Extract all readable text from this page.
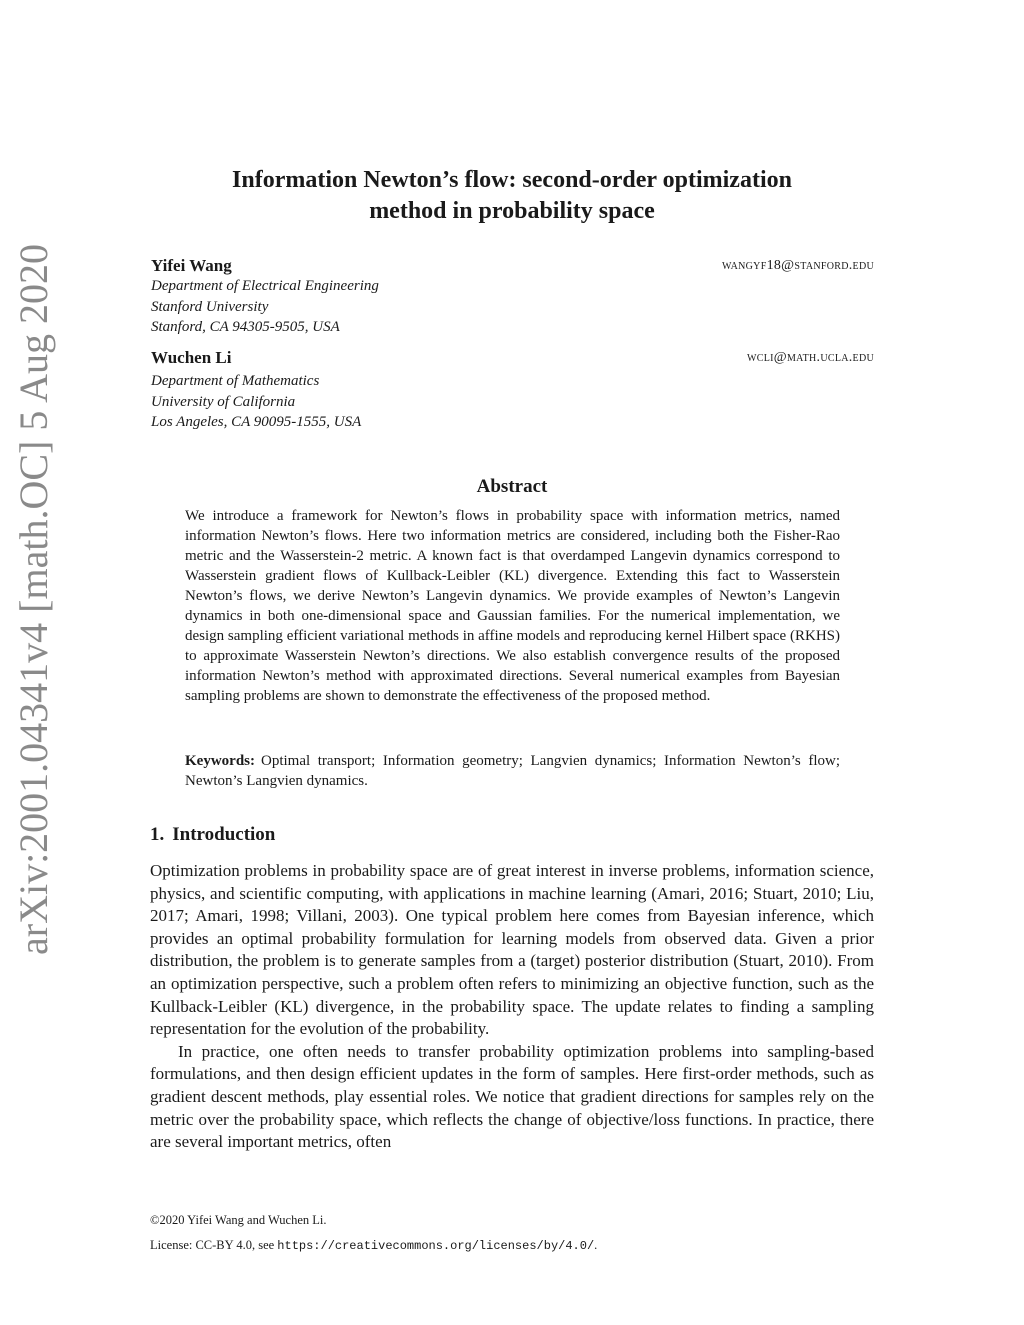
arXiv:2001.04341v4 [math.OC] 5 Aug 2020
Information Newton’s flow: second-order optimization
method in probability space
Yifei Wang	wangyf18@stanford.edu
Department of Electrical Engineering
Stanford University
Stanford, CA 94305-9505, USA
Wuchen Li	wcli@math.ucla.edu
Department of Mathematics
University of California
Los Angeles, CA 90095-1555, USA
Abstract
We introduce a framework for Newton’s flows in probability space with information metrics, named information Newton’s flows. Here two information metrics are considered, including both the Fisher-Rao metric and the Wasserstein-2 metric. A known fact is that overdamped Langevin dynamics correspond to Wasserstein gradient flows of Kullback-Leibler (KL) divergence. Extending this fact to Wasserstein Newton’s flows, we derive Newton’s Langevin dynamics. We provide examples of Newton’s Langevin dynamics in both one-dimensional space and Gaussian families. For the numerical implementation, we design sampling efficient variational methods in affine models and reproducing kernel Hilbert space (RKHS) to approximate Wasserstein Newton’s directions. We also establish convergence results of the proposed information Newton’s method with approximated directions. Several numerical examples from Bayesian sampling problems are shown to demonstrate the effectiveness of the proposed method.
Keywords: Optimal transport; Information geometry; Langvien dynamics; Information Newton’s flow; Newton’s Langvien dynamics.
1. Introduction

Optimization problems in probability space are of great interest in inverse problems, information science, physics, and scientific computing, with applications in machine learning (Amari, 2016; Stuart, 2010; Liu, 2017; Amari, 1998; Villani, 2003). One typical problem here comes from Bayesian inference, which provides an optimal probability formulation for learning models from observed data. Given a prior distribution, the problem is to generate samples from a (target) posterior distribution (Stuart, 2010). From an optimization perspective, such a problem often refers to minimizing an objective function, such as the Kullback-Leibler (KL) divergence, in the probability space. The update relates to finding a sampling representation for the evolution of the probability.

In practice, one often needs to transfer probability optimization problems into sampling-based formulations, and then design efficient updates in the form of samples. Here first-order methods, such as gradient descent methods, play essential roles. We notice that gradient directions for samples rely on the metric over the probability space, which reflects the change of objective/loss functions. In practice, there are several important metrics, often

©2020 Yifei Wang and Wuchen Li.
License: CC-BY 4.0, see https://creativecommons.org/licenses/by/4.0/.
